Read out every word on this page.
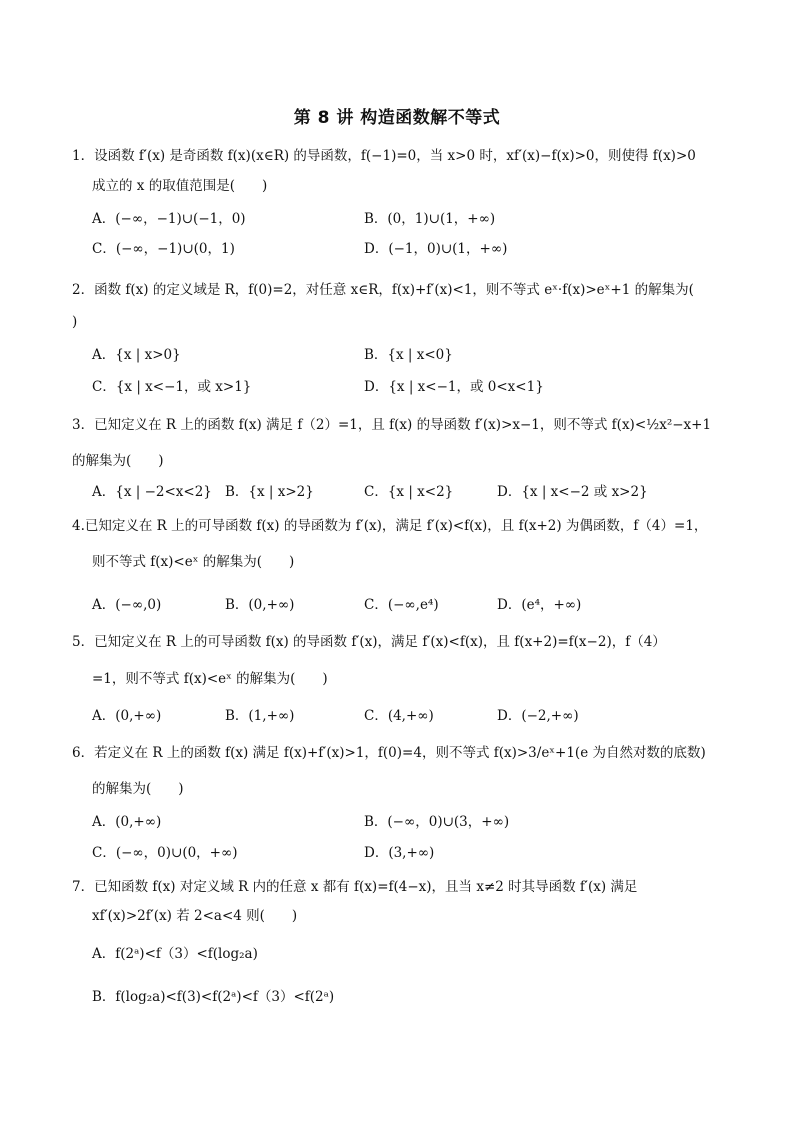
第 8 讲 构造函数解不等式
1．设函数 f′(x) 是奇函数 f(x)(x∈R) 的导函数，f(−1)=0，当 x>0 时，xf′(x)−f(x)>0，则使得 f(x)>0
成立的 x 的取值范围是(　　)
A．(−∞，−1)∪(−1，0)	B．(0，1)∪(1，+∞)
C．(−∞，−1)∪(0，1)	D．(−1，0)∪(1，+∞)
2．函数 f(x) 的定义域是 R，f(0)=2，对任意 x∈R，f(x)+f′(x)<1，则不等式 eˣ·f(x)>eˣ+1 的解集为(
)
A．{x | x>0}	B．{x | x<0}
C．{x | x<−1，或 x>1}	D．{x | x<−1，或 0<x<1}
3．已知定义在 R 上的函数 f(x) 满足 f（2）=1，且 f(x) 的导函数 f′(x)>x−1，则不等式 f(x)<½x²−x+1
的解集为(　　)
A．{x | −2<x<2} B．{x | x>2}	C．{x | x<2}	D．{x | x<−2 或 x>2}
4.已知定义在 R 上的可导函数 f(x) 的导函数为 f′(x)，满足 f′(x)<f(x)，且 f(x+2) 为偶函数，f（4）=1，
则不等式 f(x)<eˣ 的解集为(　　)
A．(−∞,0)	B．(0,+∞)	C．(−∞,e⁴)	D．(e⁴，+∞)
5．已知定义在 R 上的可导函数 f(x) 的导函数 f′(x)，满足 f′(x)<f(x)，且 f(x+2)=f(x−2)，f（4）
=1，则不等式 f(x)<eˣ 的解集为(　　)
A．(0,+∞)	B．(1,+∞)	C．(4,+∞)	D．(−2,+∞)
6．若定义在 R 上的函数 f(x) 满足 f(x)+f′(x)>1，f(0)=4，则不等式 f(x)>3/eˣ+1(e 为自然对数的底数)
的解集为(　　)
A．(0,+∞)	B．(−∞，0)∪(3，+∞)
C．(−∞，0)∪(0，+∞)	D．(3,+∞)
7．已知函数 f(x) 对定义域 R 内的任意 x 都有 f(x)=f(4−x)，且当 x≠2 时其导函数 f′(x) 满足
xf′(x)>2f′(x) 若 2<a<4 则(　　)
A．f(2ᵃ)<f（3）<f(log₂a)
B．f(log₂a)<f(3)<f(2ᵃ)<f（3）<f(2ᵃ)
